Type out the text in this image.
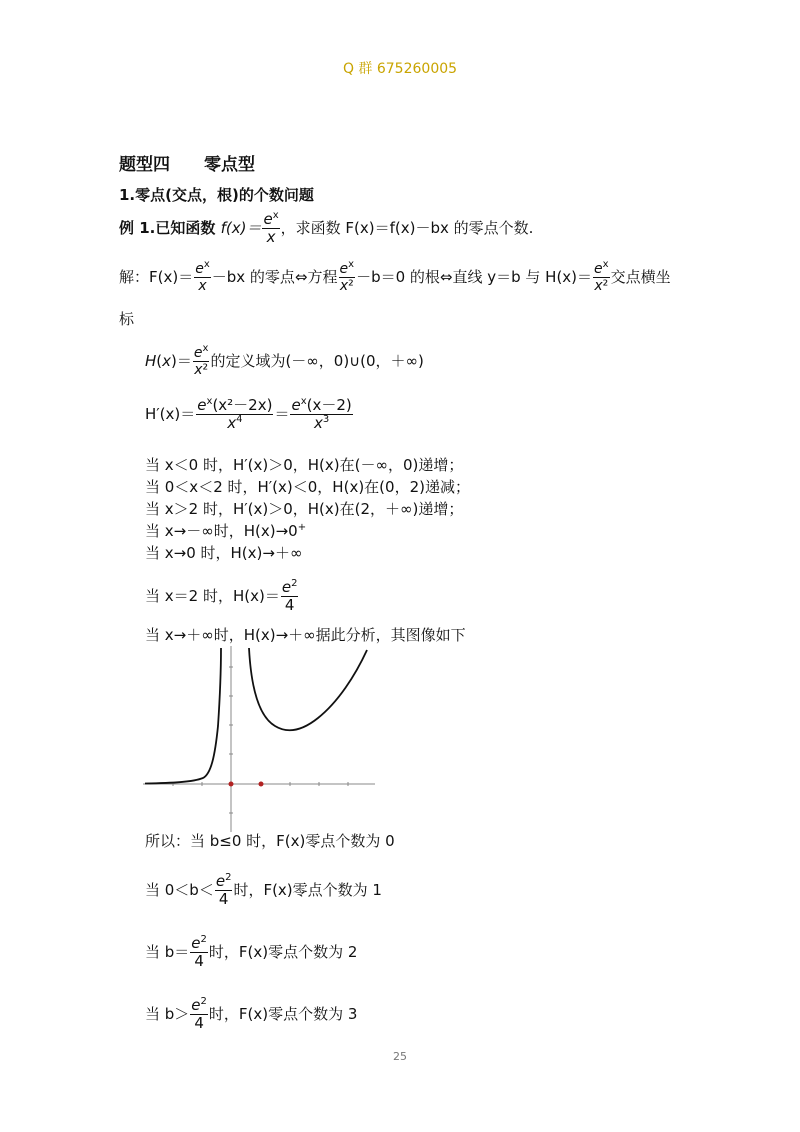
Q 群 675260005
题型四　　零点型
1.零点(交点，根)的个数问题
例 1.已知函数 $f(x)= \frac{e^x}{x}$ ，求函数 F(x)＝f(x)－bx 的零点个数.
解：$F(x)= \frac{e^x}{x} -bx$ 的零点⇔方程 $\frac{e^x}{\text{x²}} -b=0$ 的根⇔直线 y＝b 与 $H(x)= \frac{e^x}{\text{x²}}$ 交点横坐
标
$H(x)= \frac{e^x}{\text{x²}}$ 的定义域为(－∞，0)∪(0，＋∞)
$H'(x)= \frac{e^x(x^2-2x)}{x^4} = \frac{e^x(x-2)}{x^3}$
当 x＜0 时，H′(x)＞0，H(x)在(－∞，0)递增；
当 0＜x＜2 时，H′(x)＜0，H(x)在(0，2)递减；
当 x＞2 时，H′(x)＞0，H(x)在(2，＋∞)递增；
当 x→－∞时，H(x)→0+
当 x→0 时，H(x)→＋∞
当 x＝2 时，$H(x)= \frac{e^2}{4}$
当 x→＋∞时，H(x)→＋∞据此分析，其图像如下
所以：当 b≤0 时，F(x)零点个数为 0
当 $0<b< \frac{e^2}{4}$ 时，F(x)零点个数为 1
当 $b= \frac{e^2}{4}$ 时，F(x)零点个数为 2
当 $b> \frac{e^2}{4}$ 时，F(x)零点个数为 3
25
